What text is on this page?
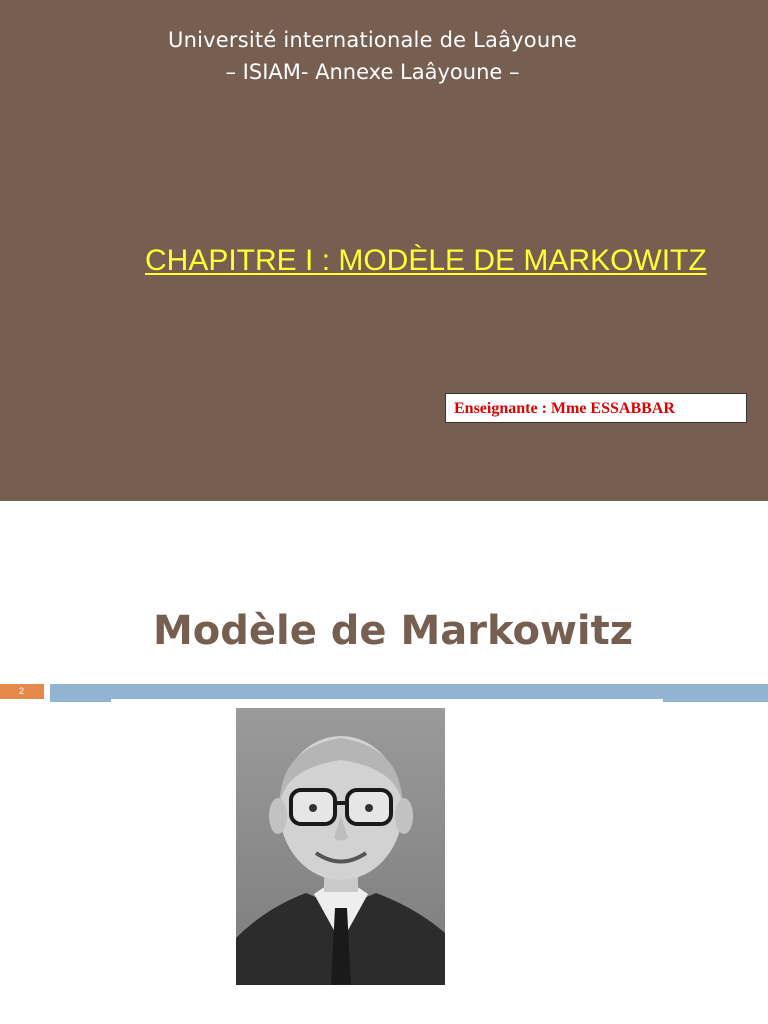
Université internationale de Laâyoune
– ISIAM- Annexe Laâyoune –
CHAPITRE I : MODÈLE DE MARKOWITZ
Enseignante : Mme ESSABBAR
Modèle de Markowitz
2
